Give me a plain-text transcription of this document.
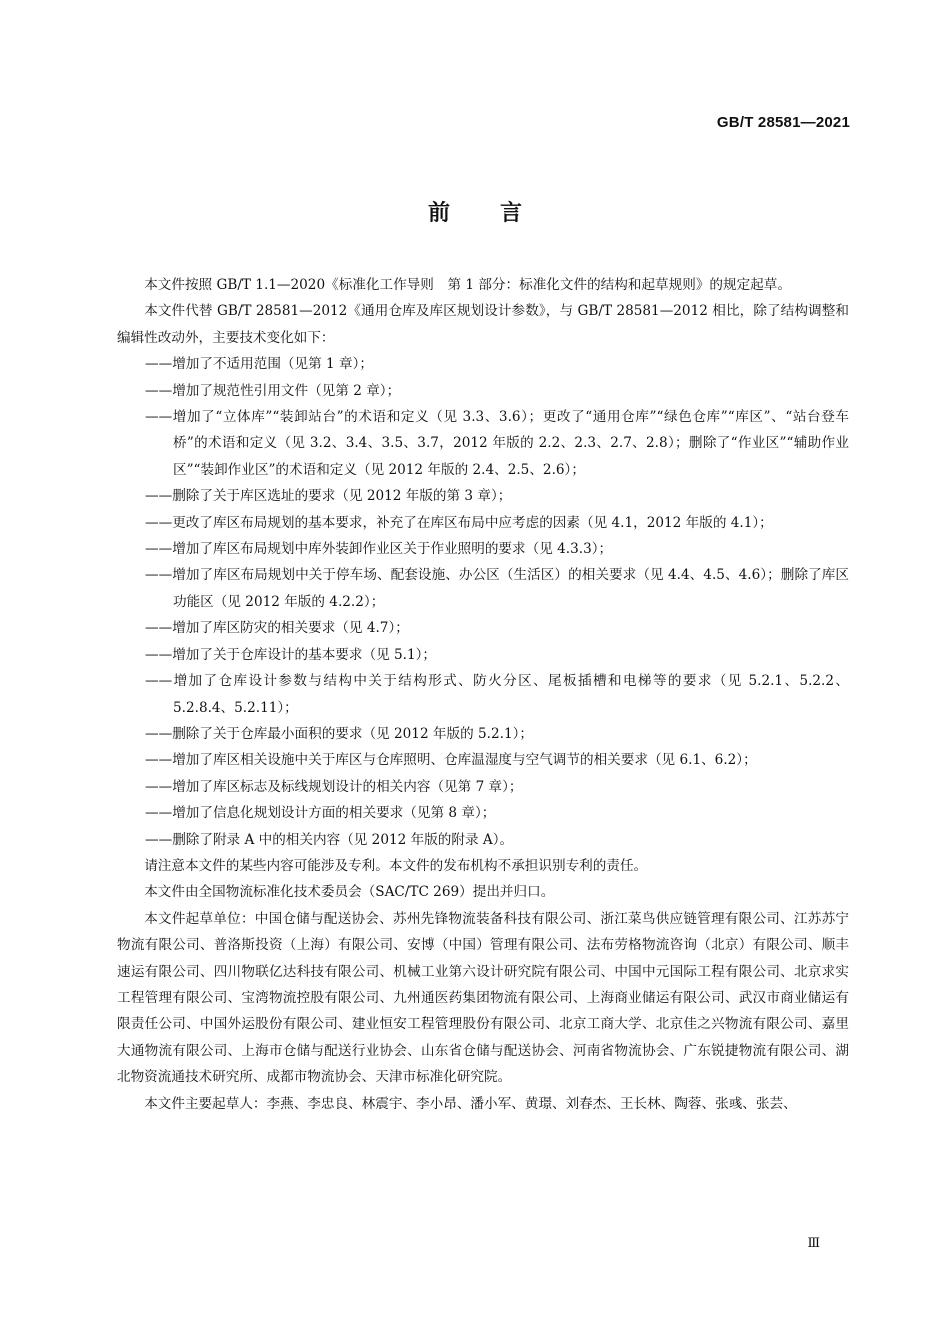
GB/T 28581—2021
前言

本文件按照 GB/T 1.1—2020《标准化工作导则　第 1 部分：标准化文件的结构和起草规则》的规定起草。

本文件代替 GB/T 28581—2012《通用仓库及库区规划设计参数》，与 GB/T 28581—2012 相比，除了结构调整和编辑性改动外，主要技术变化如下：

——增加了不适用范围（见第 1 章）；

——增加了规范性引用文件（见第 2 章）；

——增加了“立体库”“装卸站台”的术语和定义（见 3.3、3.6）；更改了“通用仓库”“绿色仓库”“库区”、“站台登车桥”的术语和定义（见 3.2、3.4、3.5、3.7，2012 年版的 2.2、2.3、2.7、2.8）；删除了“作业区”“辅助作业区”“装卸作业区”的术语和定义（见 2012 年版的 2.4、2.5、2.6）；

——删除了关于库区选址的要求（见 2012 年版的第 3 章）；

——更改了库区布局规划的基本要求，补充了在库区布局中应考虑的因素（见 4.1，2012 年版的 4.1）；

——增加了库区布局规划中库外装卸作业区关于作业照明的要求（见 4.3.3）；

——增加了库区布局规划中关于停车场、配套设施、办公区（生活区）的相关要求（见 4.4、4.5、4.6）；删除了库区功能区（见 2012 年版的 4.2.2）；

——增加了库区防灾的相关要求（见 4.7）；

——增加了关于仓库设计的基本要求（见 5.1）；

——增加了仓库设计参数与结构中关于结构形式、防火分区、尾板插槽和电梯等的要求（见 5.2.1、5.2.2、5.2.8.4、5.2.11）；

——删除了关于仓库最小面积的要求（见 2012 年版的 5.2.1）；

——增加了库区相关设施中关于库区与仓库照明、仓库温湿度与空气调节的相关要求（见 6.1、6.2）；

——增加了库区标志及标线规划设计的相关内容（见第 7 章）；

——增加了信息化规划设计方面的相关要求（见第 8 章）；

——删除了附录 A 中的相关内容（见 2012 年版的附录 A）。

请注意本文件的某些内容可能涉及专利。本文件的发布机构不承担识别专利的责任。

本文件由全国物流标准化技术委员会（SAC/TC 269）提出并归口。

本文件起草单位：中国仓储与配送协会、苏州先锋物流装备科技有限公司、浙江菜鸟供应链管理有限公司、江苏苏宁物流有限公司、普洛斯投资（上海）有限公司、安博（中国）管理有限公司、法布劳格物流咨询（北京）有限公司、顺丰速运有限公司、四川物联亿达科技有限公司、机械工业第六设计研究院有限公司、中国中元国际工程有限公司、北京求实工程管理有限公司、宝湾物流控股有限公司、九州通医药集团物流有限公司、上海商业储运有限公司、武汉市商业储运有限责任公司、中国外运股份有限公司、建业恒安工程管理股份有限公司、北京工商大学、北京佳之兴物流有限公司、嘉里大通物流有限公司、上海市仓储与配送行业协会、山东省仓储与配送协会、河南省物流协会、广东锐捷物流有限公司、湖北物资流通技术研究所、成都市物流协会、天津市标准化研究院。

本文件主要起草人：李燕、李忠良、林震宇、李小昂、潘小军、黄璟、刘春杰、王长林、陶蓉、张彧、张芸、

Ⅲ
